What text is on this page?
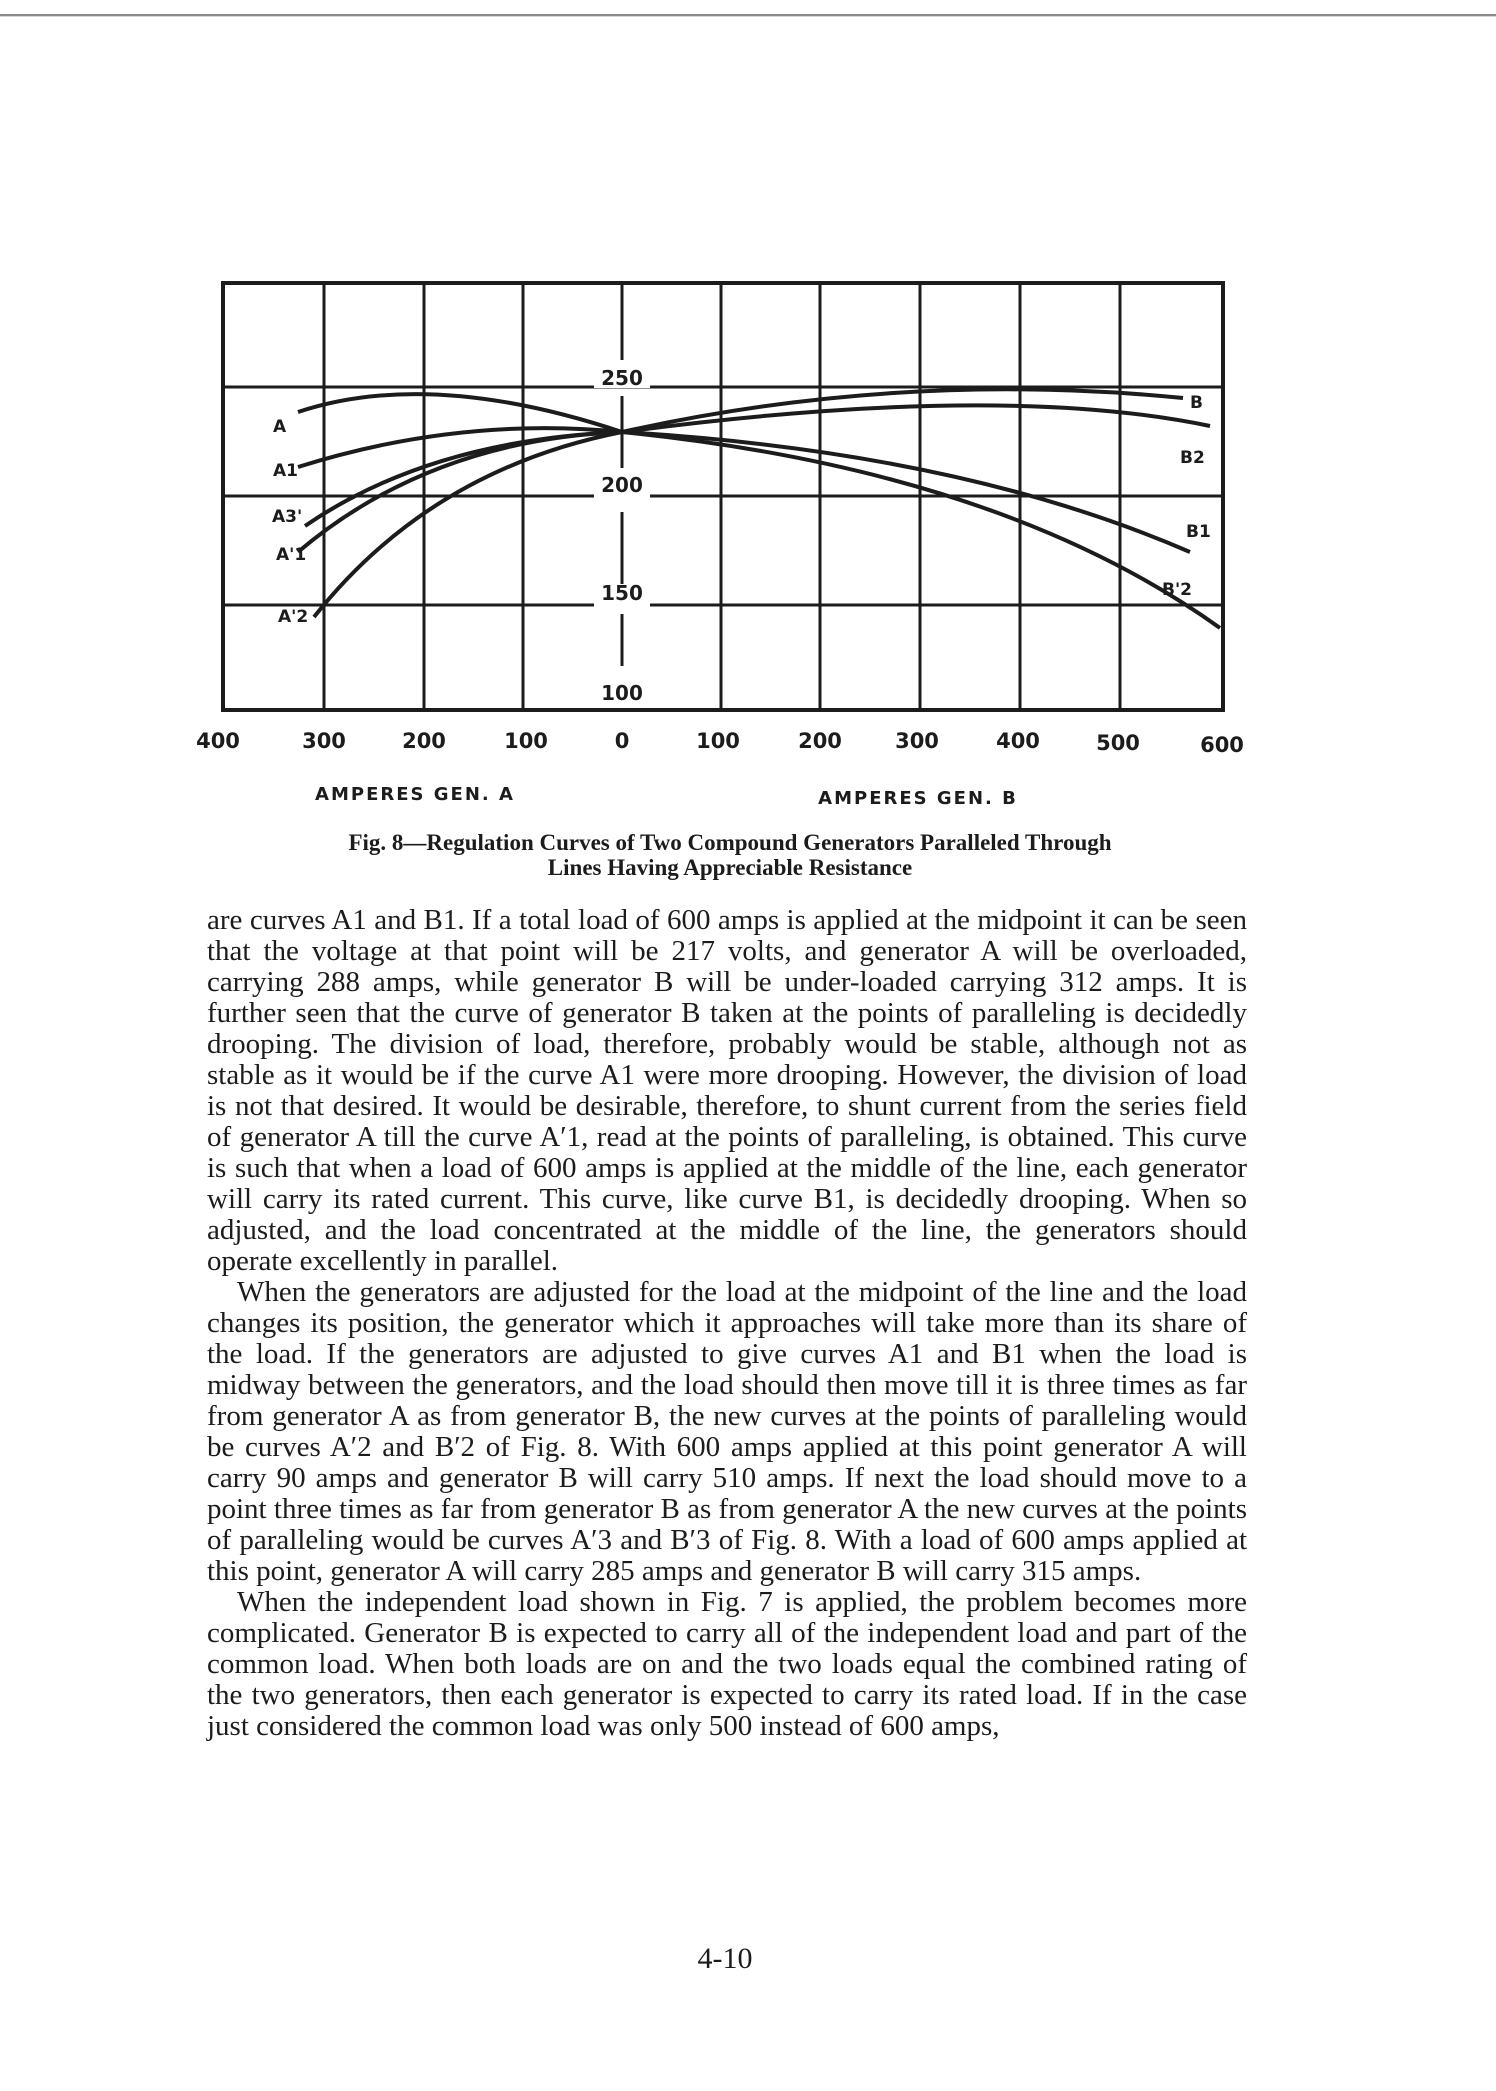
A
A1
A3'
A'1
A'2
B
B2
B1
B'2
250
200
150
100
400	300	200	100	0	100	200	300	400	500	600
AMPERES GEN. A	AMPERES GEN. B
Fig. 8—Regulation Curves of Two Compound Generators Paralleled Through
Lines Having Appreciable Resistance

are curves A1 and B1. If a total load of 600 amps is applied at the midpoint it can be seen that the voltage at that point will be 217 volts, and generator A will be overloaded, carrying 288 amps, while generator B will be under-loaded carrying 312 amps. It is further seen that the curve of generator B taken at the points of paralleling is decidedly drooping. The division of load, therefore, probably would be stable, although not as stable as it would be if the curve A1 were more drooping. However, the division of load is not that desired. It would be desirable, therefore, to shunt current from the series field of generator A till the curve A′1, read at the points of paralleling, is obtained. This curve is such that when a load of 600 amps is applied at the middle of the line, each generator will carry its rated current. This curve, like curve B1, is decidedly drooping. When so adjusted, and the load concentrated at the middle of the line, the generators should operate excellently in parallel.

When the generators are adjusted for the load at the midpoint of the line and the load changes its position, the generator which it approaches will take more than its share of the load. If the generators are adjusted to give curves A1 and B1 when the load is midway between the generators, and the load should then move till it is three times as far from generator A as from generator B, the new curves at the points of paralleling would be curves A′2 and B′2 of Fig. 8. With 600 amps applied at this point generator A will carry 90 amps and generator B will carry 510 amps. If next the load should move to a point three times as far from generator B as from generator A the new curves at the points of paralleling would be curves A′3 and B′3 of Fig. 8. With a load of 600 amps applied at this point, generator A will carry 285 amps and generator B will carry 315 amps.

When the independent load shown in Fig. 7 is applied, the problem becomes more complicated. Generator B is expected to carry all of the independent load and part of the common load. When both loads are on and the two loads equal the combined rating of the two generators, then each generator is expected to carry its rated load. If in the case just considered the common load was only 500 instead of 600 amps,

4-10
